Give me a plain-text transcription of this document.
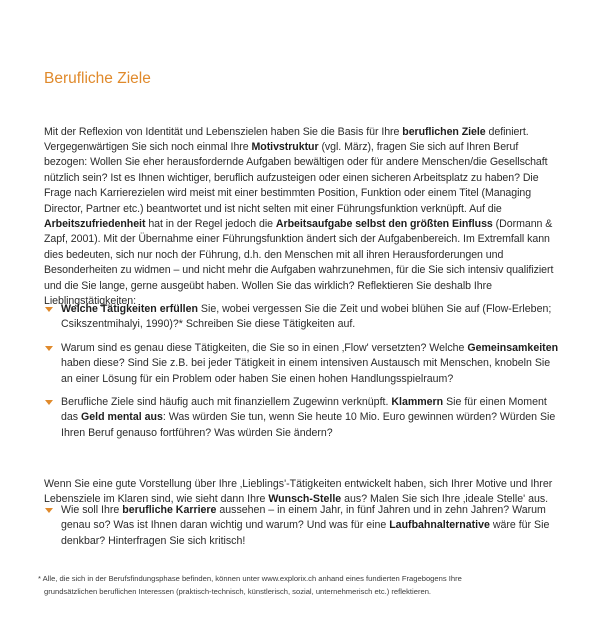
Berufliche Ziele

Mit der Reflexion von Identität und Lebenszielen haben Sie die Basis für Ihre beruflichen Ziele definiert. Vergegenwärtigen Sie sich noch einmal Ihre Motivstruktur (vgl. März), fragen Sie sich auf Ihren Beruf bezogen: Wollen Sie eher herausfordernde Aufgaben bewältigen oder für andere Menschen/die Gesellschaft nützlich sein? Ist es Ihnen wichtiger, beruflich aufzusteigen oder einen sicheren Arbeitsplatz zu haben? Die Frage nach Karrierezielen wird meist mit einer bestimmten Position, Funktion oder einem Titel (Managing Director, Partner etc.) beantwortet und ist nicht selten mit einer Führungsfunktion verknüpft. Auf die Arbeitszufriedenheit hat in der Regel jedoch die Arbeitsaufgabe selbst den größten Einfluss (Dormann & Zapf, 2001). Mit der Übernahme einer Führungsfunktion ändert sich der Aufgabenbereich. Im Extremfall kann dies bedeuten, sich nur noch der Führung, d.h. den Menschen mit all ihren Herausforderungen und Besonderheiten zu widmen – und nicht mehr die Aufgaben wahrzunehmen, für die Sie sich intensiv qualifiziert und die Sie lange, gerne ausgeübt haben. Wollen Sie das wirklich? Reflektieren Sie deshalb Ihre Lieblingstätigkeiten:

Welche Tätigkeiten erfüllen Sie, wobei vergessen Sie die Zeit und wobei blühen Sie auf (Flow-Erleben; Csikszentmihalyi, 1990)?* Schreiben Sie diese Tätigkeiten auf.
Warum sind es genau diese Tätigkeiten, die Sie so in einen ‚Flow' versetzten? Welche Gemeinsamkeiten haben diese? Sind Sie z.B. bei jeder Tätigkeit in einem intensiven Austausch mit Menschen, knobeln Sie an einer Lösung für ein Problem oder haben Sie einen hohen Handlungsspielraum?
Berufliche Ziele sind häufig auch mit finanziellem Zugewinn verknüpft. Klammern Sie für einen Moment das Geld mental aus: Was würden Sie tun, wenn Sie heute 10 Mio. Euro gewinnen würden? Würden Sie Ihren Beruf genauso fortführen? Was würden Sie ändern?

Wenn Sie eine gute Vorstellung über Ihre ‚Lieblings'-Tätigkeiten entwickelt haben, sich Ihrer Motive und Ihrer Lebensziele im Klaren sind, wie sieht dann Ihre Wunsch-Stelle aus? Malen Sie sich Ihre ‚ideale Stelle' aus.

Wie soll Ihre berufliche Karriere aussehen – in einem Jahr, in fünf Jahren und in zehn Jahren? Warum genau so? Was ist Ihnen daran wichtig und warum? Und was für eine Laufbahnalternative wäre für Sie denkbar? Hinterfragen Sie sich kritisch!
* Alle, die sich in der Berufsfindungsphase befinden, können unter www.explorix.ch anhand eines fundierten Fragebogens Ihre
grundsätzlichen beruflichen Interessen (praktisch-technisch, künstlerisch, sozial, unternehmerisch etc.) reflektieren.
